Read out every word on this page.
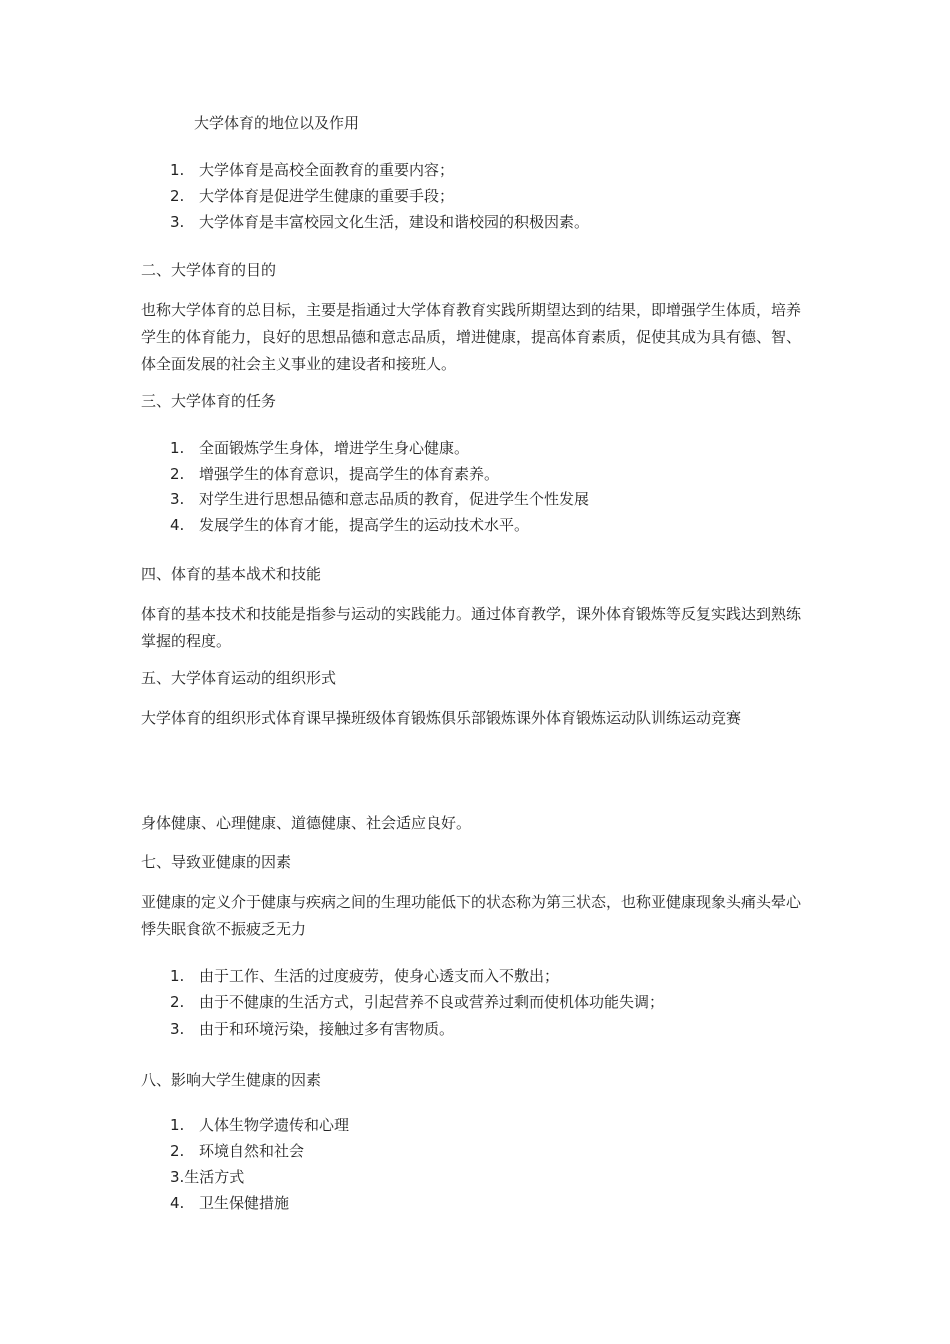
大学体育的地位以及作用
1. 大学体育是高校全面教育的重要内容；
2. 大学体育是促进学生健康的重要手段；
3. 大学体育是丰富校园文化生活，建设和谐校园的积极因素。
二、大学体育的目的
也称大学体育的总目标，主要是指通过大学体育教育实践所期望达到的结果，即增强学生体质，培养学生的体育能力，良好的思想品德和意志品质，增进健康，提高体育素质，促使其成为具有德、智、体全面发展的社会主义事业的建设者和接班人。
三、大学体育的任务
1. 全面锻炼学生身体，增进学生身心健康。
2. 增强学生的体育意识，提高学生的体育素养。
3. 对学生进行思想品德和意志品质的教育，促进学生个性发展
4. 发展学生的体育才能，提高学生的运动技术水平。
四、体育的基本战术和技能
体育的基本技术和技能是指参与运动的实践能力。通过体育教学，课外体育锻炼等反复实践达到熟练掌握的程度。
五、大学体育运动的组织形式
大学体育的组织形式体育课早操班级体育锻炼俱乐部锻炼课外体育锻炼运动队训练运动竞赛
身体健康、心理健康、道德健康、社会适应良好。
七、导致亚健康的因素
亚健康的定义介于健康与疾病之间的生理功能低下的状态称为第三状态，也称亚健康现象头痛头晕心悸失眠食欲不振疲乏无力
1. 由于工作、生活的过度疲劳，使身心透支而入不敷出；
2. 由于不健康的生活方式，引起营养不良或营养过剩而使机体功能失调；
3. 由于和环境污染，接触过多有害物质。
八、影响大学生健康的因素
1. 人体生物学遗传和心理
2. 环境自然和社会
3.生活方式
4. 卫生保健措施
